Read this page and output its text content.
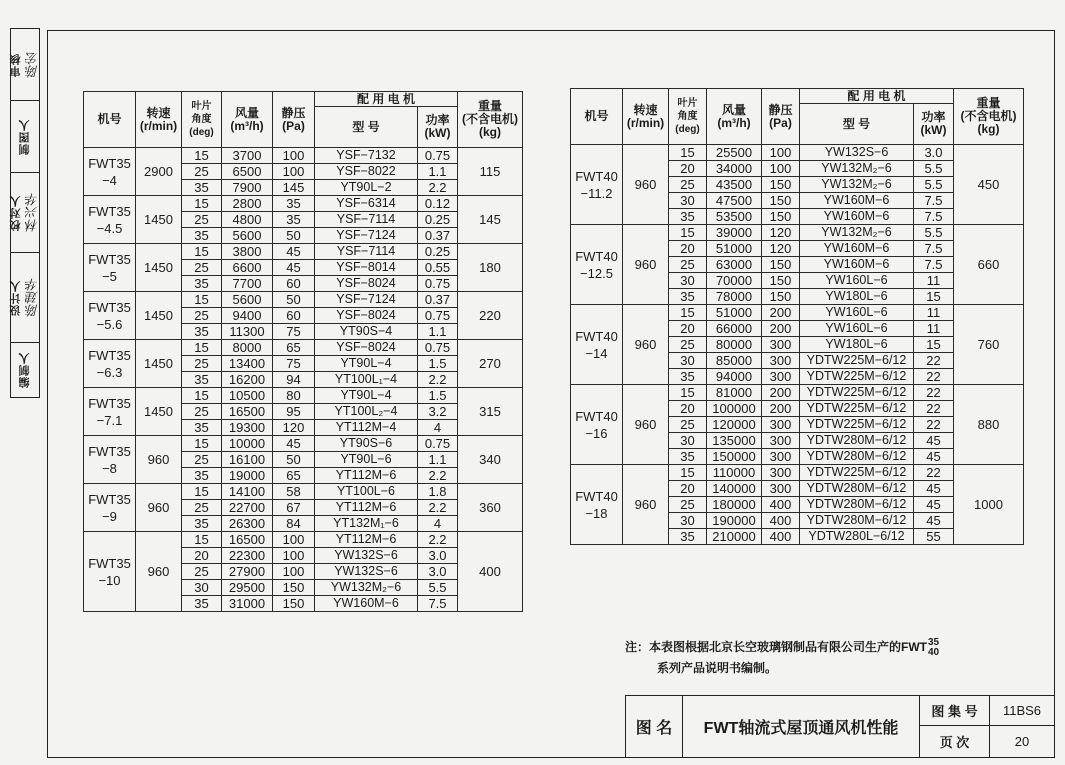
审核 陈宏
制图人
校对人 林兴华
设计人 陈建华
编制人
机号	转速
(r/min)	叶片
角度
(deg)	风量
(m³/h)	静压
(Pa)	配 用 电 机		重量
(不含电机)
(kg)
					型 号	功率
(kW)	
FWT35
−4	2900	15	3700	100	YSF−7132	0.75	115
		25	6500	100	YSF−8022	1.1	
		35	7900	145	YT90L−2	2.2	
FWT35
−4.5	1450	15	2800	35	YSF−6314	0.12	145
		25	4800	35	YSF−7114	0.25	
		35	5600	50	YSF−7124	0.37	
FWT35
−5	1450	15	3800	45	YSF−7114	0.25	180
		25	6600	45	YSF−8014	0.55	
		35	7700	60	YSF−8024	0.75	
FWT35
−5.6	1450	15	5600	50	YSF−7124	0.37	220
		25	9400	60	YSF−8024	0.75	
		35	11300	75	YT90S−4	1.1	
FWT35
−6.3	1450	15	8000	65	YSF−8024	0.75	270
		25	13400	75	YT90L−4	1.5	
		35	16200	94	YT100L₁−4	2.2	
FWT35
−7.1	1450	15	10500	80	YT90L−4	1.5	315
		25	16500	95	YT100L₂−4	3.2	
		35	19300	120	YT112M−4	4	
FWT35
−8	960	15	10000	45	YT90S−6	0.75	340
		25	16100	50	YT90L−6	1.1	
		35	19000	65	YT112M−6	2.2	
FWT35
−9	960	15	14100	58	YT100L−6	1.8	360
		25	22700	67	YT112M−6	2.2	
		35	26300	84	YT132M₁−6	4	
FWT35
−10	960	15	16500	100	YT112M−6	2.2	400
		20	22300	100	YW132S−6	3.0	
		25	27900	100	YW132S−6	3.0	
		30	29500	150	YW132M₂−6	5.5	
		35	31000	150	YW160M−6	7.5	
机号	转速
(r/min)	叶片
角度
(deg)	风量
(m³/h)	静压
(Pa)	配 用 电 机		重量
(不含电机)
(kg)
					型 号	功率
(kW)	
FWT40
−11.2	960	15	25500	100	YW132S−6	3.0	450
		20	34000	100	YW132M₂−6	5.5	
		25	43500	150	YW132M₂−6	5.5	
		30	47500	150	YW160M−6	7.5	
		35	53500	150	YW160M−6	7.5	
FWT40
−12.5	960	15	39000	120	YW132M₂−6	5.5	660
		20	51000	120	YW160M−6	7.5	
		25	63000	150	YW160M−6	7.5	
		30	70000	150	YW160L−6	11	
		35	78000	150	YW180L−6	15	
FWT40
−14	960	15	51000	200	YW160L−6	11	760
		20	66000	200	YW160L−6	11	
		25	80000	300	YW180L−6	15	
		30	85000	300	YDTW225M−6/12	22	
		35	94000	300	YDTW225M−6/12	22	
FWT40
−16	960	15	81000	200	YDTW225M−6/12	22	880
		20	100000	200	YDTW225M−6/12	22	
		25	120000	300	YDTW225M−6/12	22	
		30	135000	300	YDTW280M−6/12	45	
		35	150000	300	YDTW280M−6/12	45	
FWT40
−18	960	15	110000	300	YDTW225M−6/12	22	1000
		20	140000	300	YDTW280M−6/12	45	
		25	180000	400	YDTW280M−6/12	45	
		30	190000	400	YDTW280M−6/12	45	
		35	210000	400	YDTW280L−6/12	55	
注：本表图根据北京长空玻璃钢制品有限公司生产的FWT 35
40
系列产品说明书编制。
图 名	FWT轴流式屋顶通风机性能
图 集 号	11BS6
页 次	20
